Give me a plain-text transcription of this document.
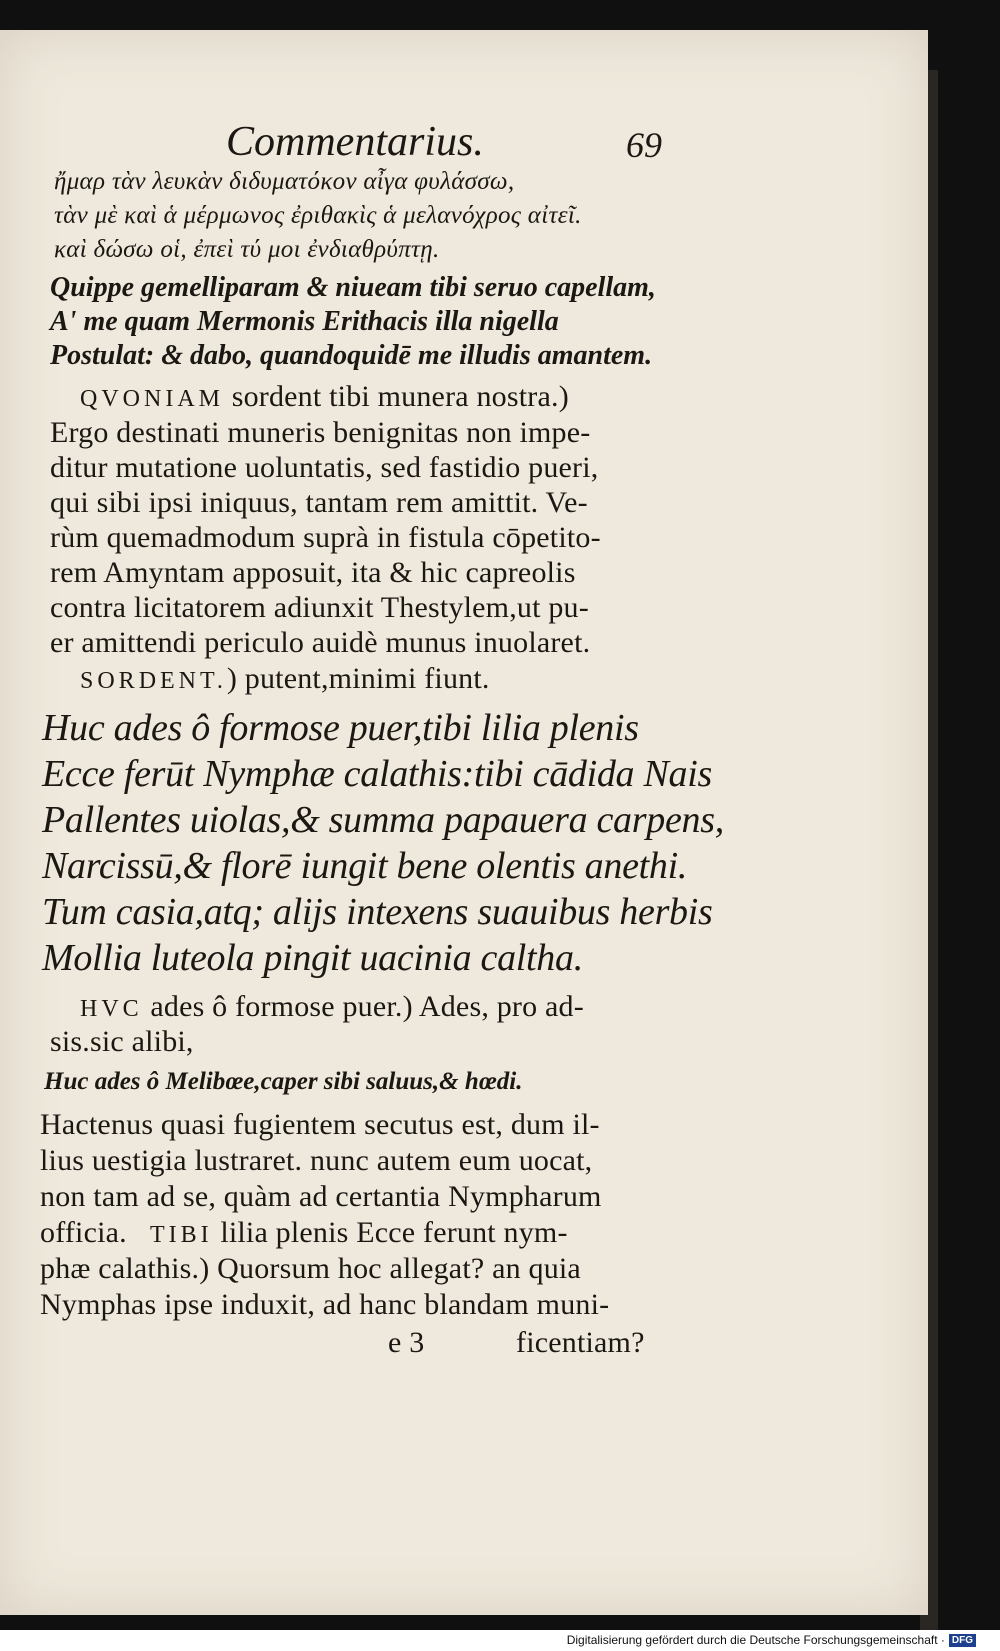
Commentarius.	69
ἤμαρ τὰν λευκὰν διδυματόκον αἶγα φυλάσσω,
τὰν μὲ καὶ ἁ μέρμωνος ἐριθακὶς ἁ μελανόχρος αἰτεῖ.
καὶ δώσω οἱ, ἐπεὶ τύ μοι ἐνδιαθρύπτῃ.
Quippe gemelliparam & niueam tibi seruo capellam,
A' me quam Mermonis Erithacis illa nigella
Postulat: & dabo, quandoquidē me illudis amantem.
QVONIAM sordent tibi munera nostra.)
Ergo destinati muneris benignitas non impe-
ditur mutatione uoluntatis, sed fastidio pueri,
qui sibi ipsi iniquus, tantam rem amittit. Ve-
rùm quemadmodum suprà in fistula cōpetito-
rem Amyntam apposuit, ita & hic capreolis
contra licitatorem adiunxit Thestylem,ut pu-
er amittendi periculo auidè munus inuolaret.
SORDENT.) putent,minimi fiunt.
Huc ades ô formose puer,tibi lilia plenis
Ecce ferūt Nymphæ calathis:tibi cādida Nais
Pallentes uiolas,& summa papauera carpens,
Narcissū,& florē iungit bene olentis anethi.
Tum casia,atq; aliјs intexens suauibus herbis
Mollia luteola pingit uacinia caltha.
HVC ades ô formose puer.) Ades, pro ad-
sis.sic alibi,
Huc ades ô Melibœe,caper sibi saluus,& hœdi.
Hactenus quasi fugientem secutus est, dum il-
lius uestigia lustraret. nunc autem eum uocat,
non tam ad se, quàm ad certantia Nympharum
officia. TIBI lilia plenis Ecce ferunt nym-
phæ calathis.) Quorsum hoc allegat? an quia
Nymphas ipse induxit, ad hanc blandam muni-
e 3	ficentiam?
Digitalisierung gefördert durch die Deutsche Forschungsgemeinschaft · DFG
